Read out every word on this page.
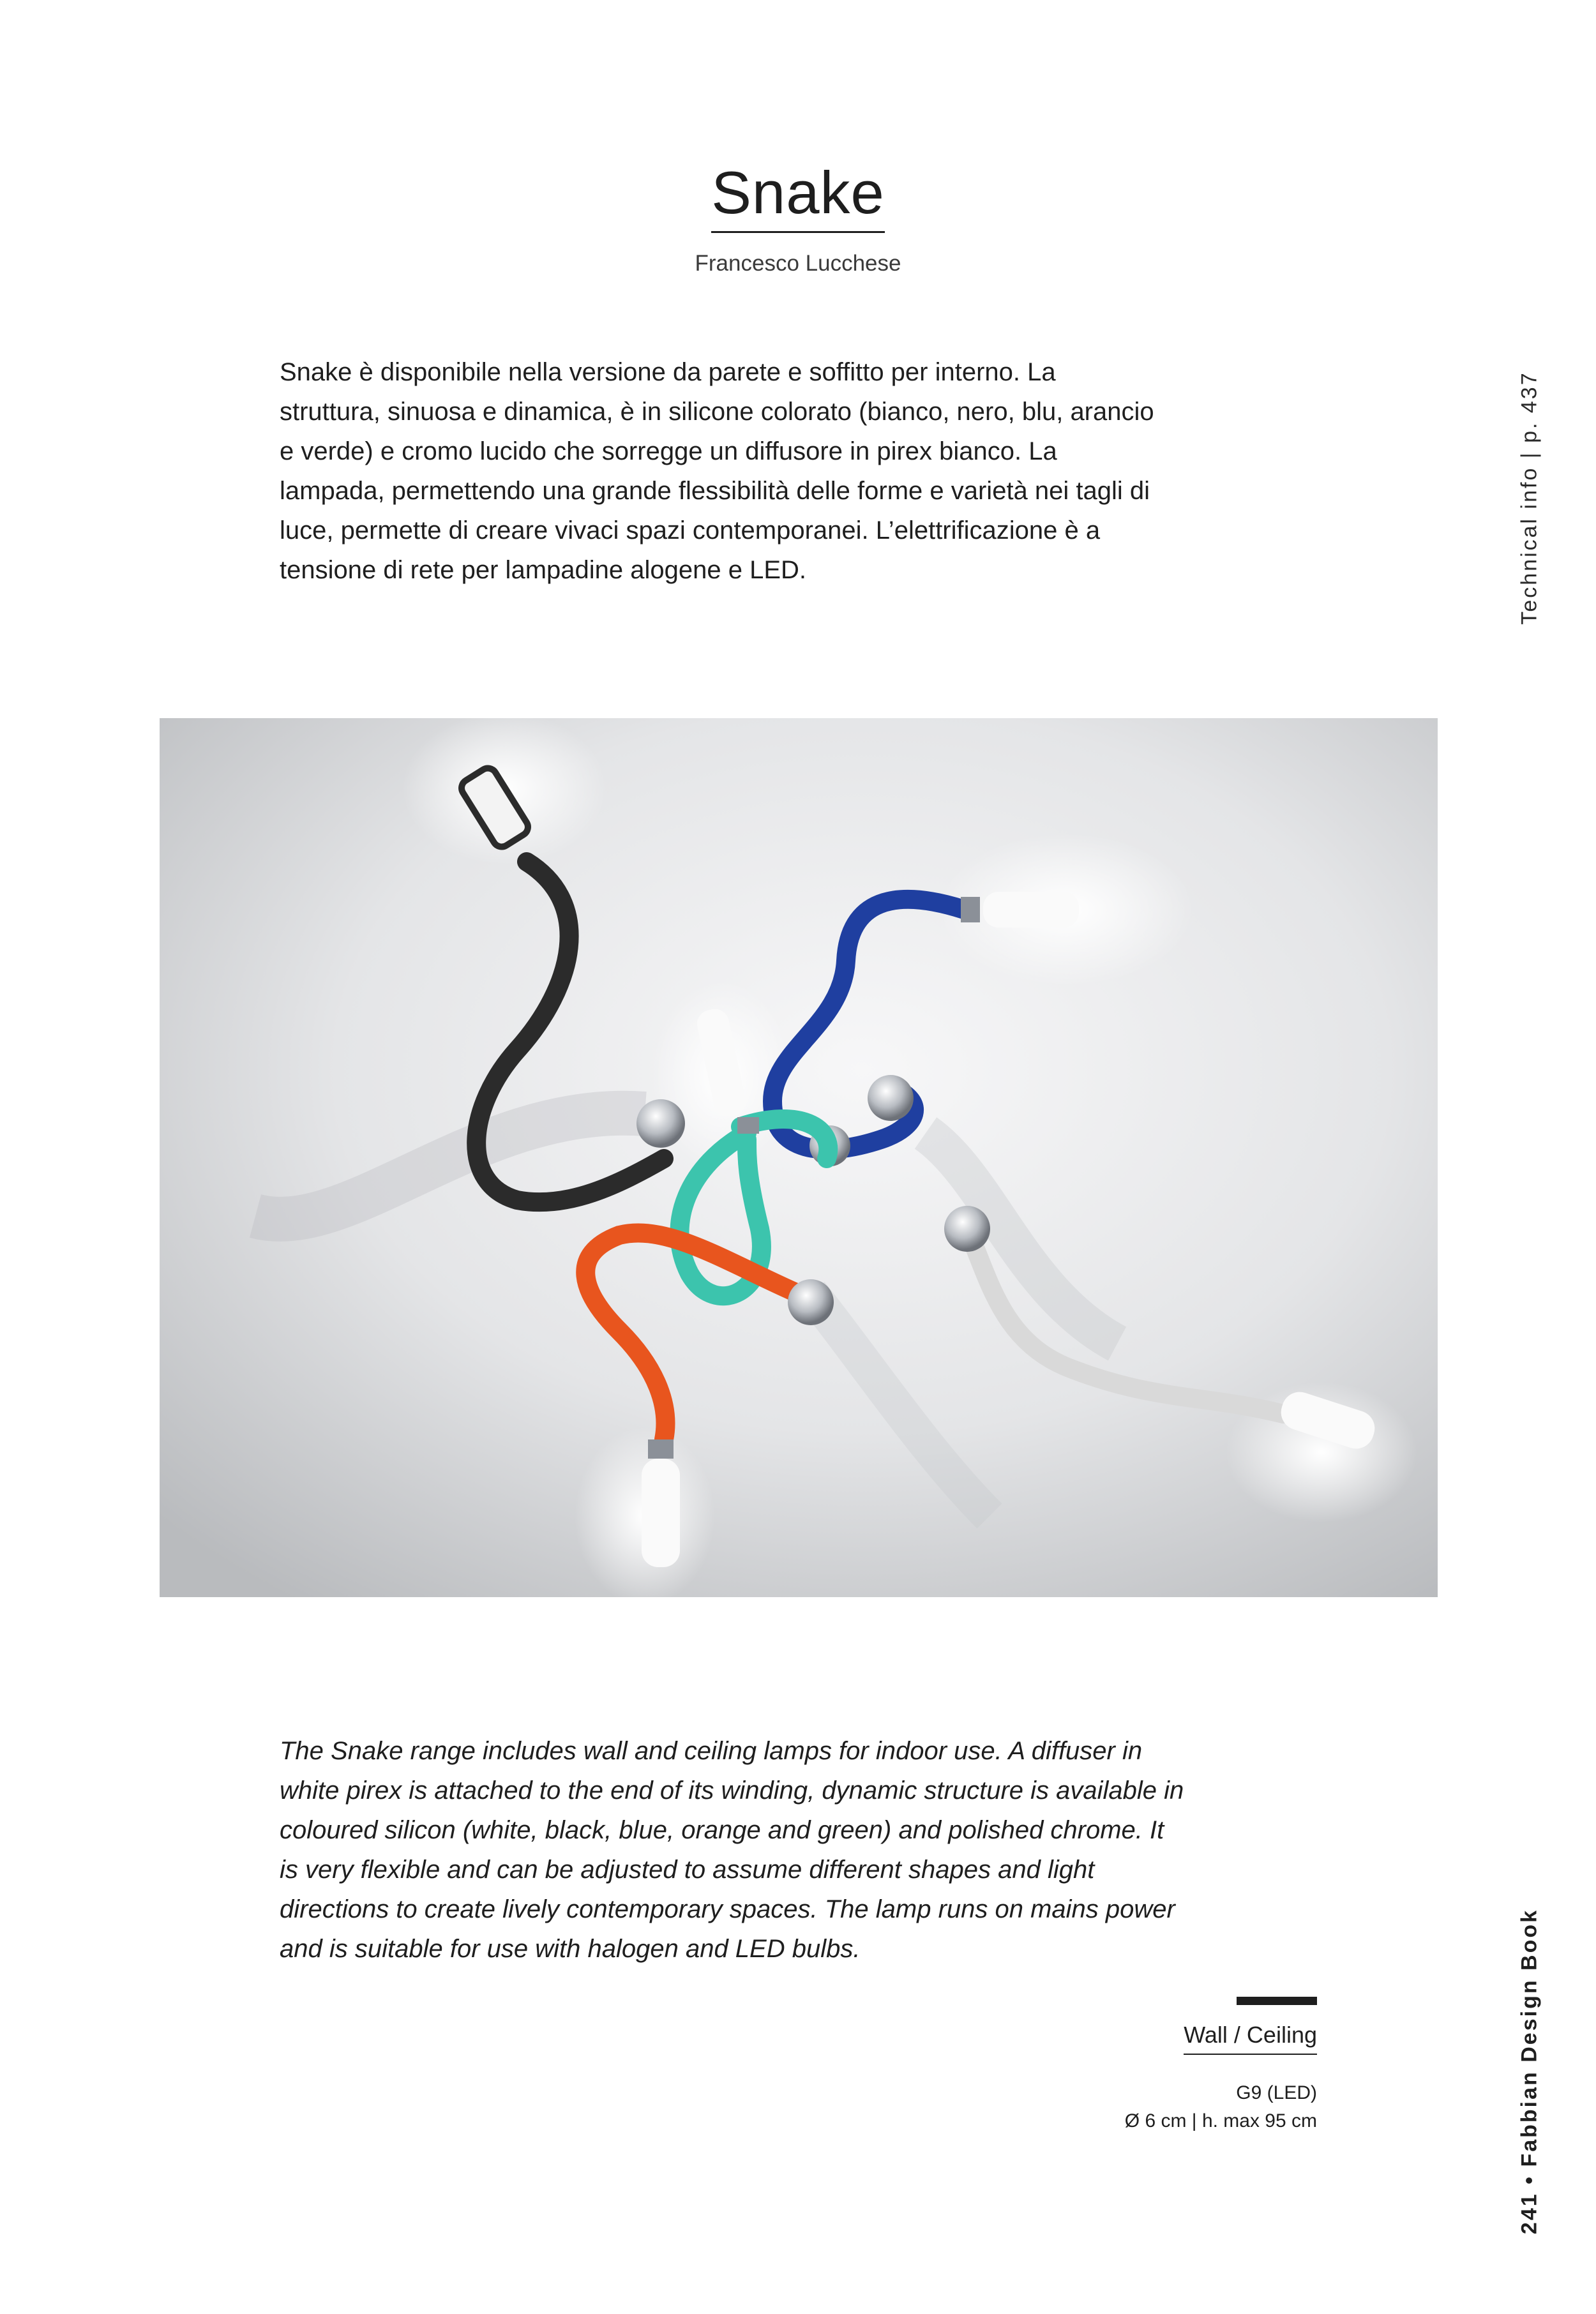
Snake
Francesco Lucchese

Snake è disponibile nella versione da parete e soffitto per interno. La struttura, sinuosa e dinamica, è in silicone colorato (bianco, nero, blu, arancio e verde) e cromo lucido che sorregge un diffusore in pirex bianco. La lampada, permettendo una grande flessibilità delle forme e varietà nei tagli di luce, permette di creare vivaci spazi contemporanei. L’elettrificazione è a tensione di rete per lampadine alogene e LED.	Technical info | p. 437

The Snake range includes wall and ceiling lamps for indoor use. A diffuser in white pirex is attached to the end of its winding, dynamic structure is available in coloured silicon (white, black, blue, orange and green) and polished chrome. It is very flexible and can be adjusted to assume different shapes and light directions to create lively contemporary spaces. The lamp runs on mains power and is suitable for use with halogen and LED bulbs.

Wall / Ceiling
G9 (LED)
Ø 6 cm | h. max 95 cm	241 • Fabbian Design Book
